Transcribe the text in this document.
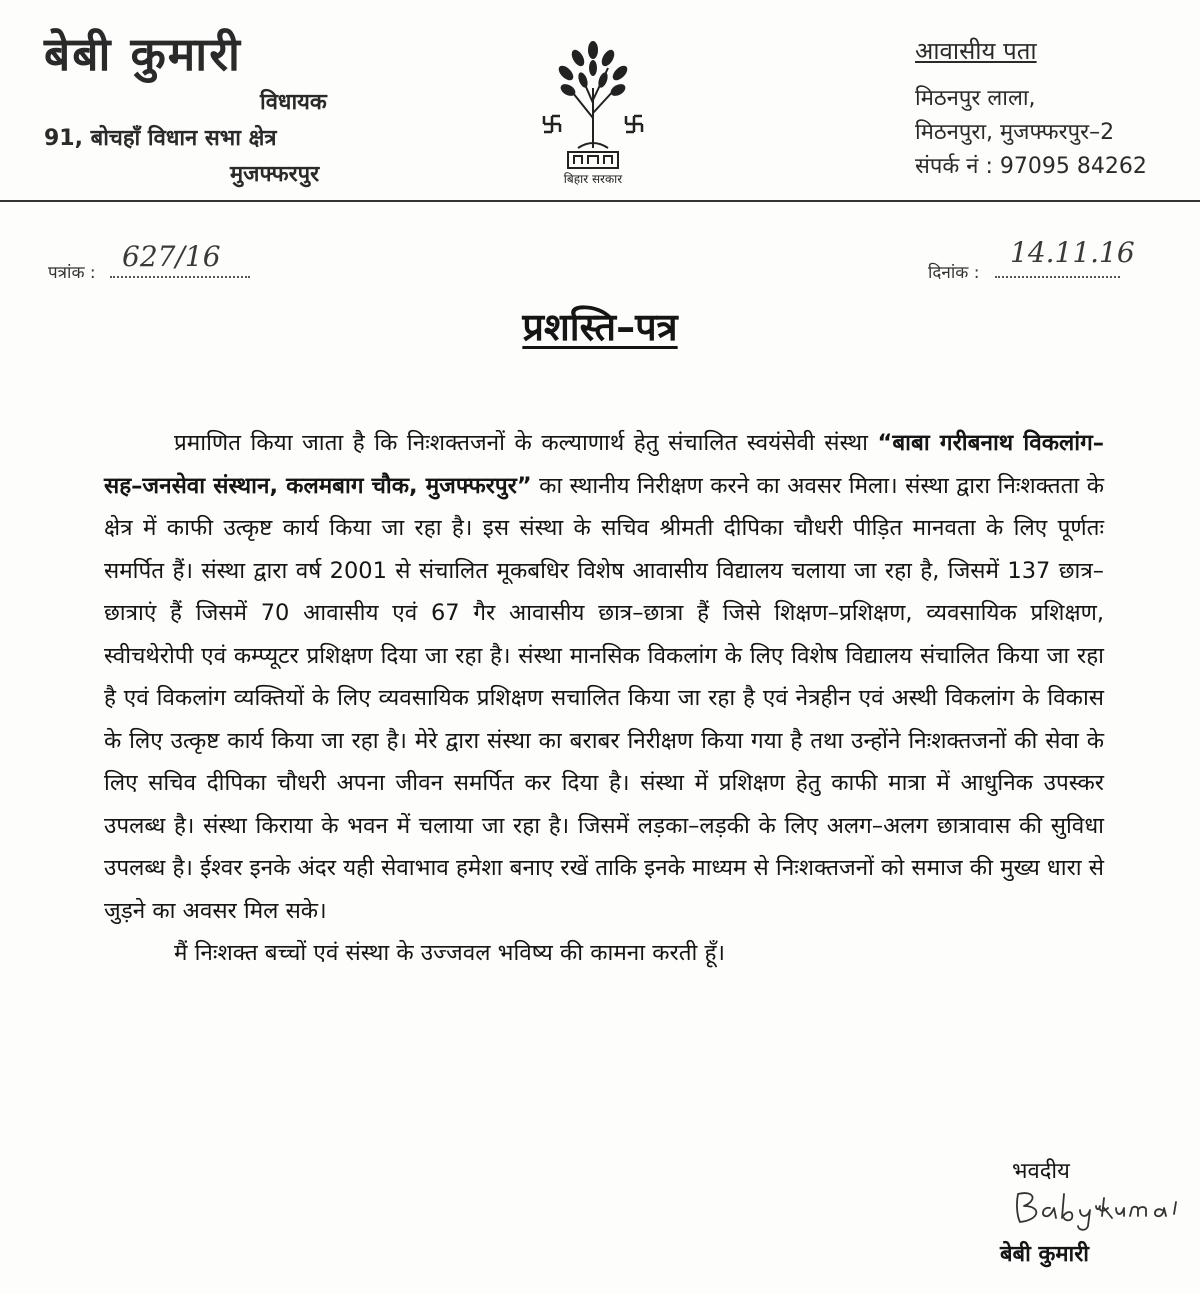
बेबी कुमारी
विधायक
91, बोचहाँ विधान सभा क्षेत्र
मुजफ्फरपुर	बिहार सरकार
आवासीय पता
मिठनपुर लाला,
मिठनपुरा, मुजफ्फरपुर–2
संपर्क नं : 97095 84262
पत्रांक : 627/16	दिनांक :
14.11.16
प्रशस्ति–पत्र

प्रमाणित किया जाता है कि निःशक्तजनों के कल्याणार्थ हेतु संचालित स्वयंसेवी संस्था “बाबा गरीबनाथ विकलांग–सह–जनसेवा संस्थान, कलमबाग चौक, मुजफ्फरपुर” का स्थानीय निरीक्षण करने का अवसर मिला। संस्था द्वारा निःशक्तता के क्षेत्र में काफी उत्कृष्ट कार्य किया जा रहा है। इस संस्था के सचिव श्रीमती दीपिका चौधरी पीड़ित मानवता के लिए पूर्णतः समर्पित हैं। संस्था द्वारा वर्ष 2001 से संचालित मूकबधिर विशेष आवासीय विद्यालय चलाया जा रहा है, जिसमें 137 छात्र–छात्राएं हैं जिसमें 70 आवासीय एवं 67 गैर आवासीय छात्र–छात्रा हैं जिसे शिक्षण–प्रशिक्षण, व्यवसायिक प्रशिक्षण, स्वीचथेरोपी एवं कम्प्यूटर प्रशिक्षण दिया जा रहा है। संस्था मानसिक विकलांग के लिए विशेष विद्यालय संचालित किया जा रहा है एवं विकलांग व्यक्तियों के लिए व्यवसायिक प्रशिक्षण सचालित किया जा रहा है एवं नेत्रहीन एवं अस्थी विकलांग के विकास के लिए उत्कृष्ट कार्य किया जा रहा है। मेरे द्वारा संस्था का बराबर निरीक्षण किया गया है तथा उन्होंने निःशक्तजनों की सेवा के लिए सचिव दीपिका चौधरी अपना जीवन समर्पित कर दिया है। संस्था में प्रशिक्षण हेतु काफी मात्रा में आधुनिक उपस्कर उपलब्ध है। संस्था किराया के भवन में चलाया जा रहा है। जिसमें लड़का–लड़की के लिए अलग–अलग छात्रावास की सुविधा उपलब्ध है। ईश्वर इनके अंदर यही सेवाभाव हमेशा बनाए रखें ताकि इनके माध्यम से निःशक्तजनों को समाज की मुख्य धारा से जुड़ने का अवसर मिल सके।

मैं निःशक्त बच्चों एवं संस्था के उज्जवल भविष्य की कामना करती हूँ।

भवदीय
बेबी कुमारी
